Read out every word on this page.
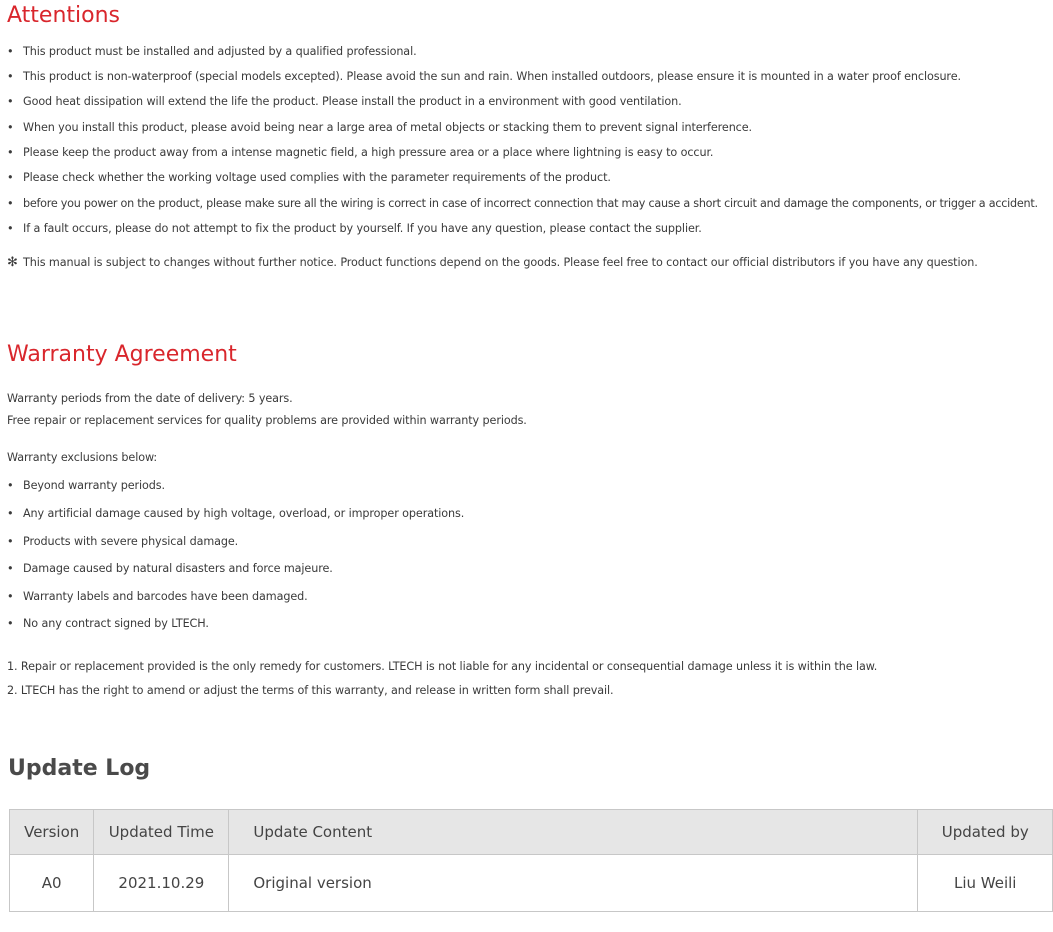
Attentions
• This product must be installed and adjusted by a qualified professional.
• This product is non-waterproof (special models excepted). Please avoid the sun and rain. When installed outdoors, please ensure it is mounted in a water proof enclosure.
• Good heat dissipation will extend the life the product. Please install the product in a environment with good ventilation.
• When you install this product, please avoid being near a large area of metal objects or stacking them to prevent signal interference.
• Please keep the product away from a intense magnetic field, a high pressure area or a place where lightning is easy to occur.
• Please check whether the working voltage used complies with the parameter requirements of the product.
• before you power on the product, please make sure all the wiring is correct in case of incorrect connection that may cause a short circuit and damage the components, or trigger a accident.
• If a fault occurs, please do not attempt to fix the product by yourself. If you have any question, please contact the supplier.
✻ This manual is subject to changes without further notice. Product functions depend on the goods. Please feel free to contact our official distributors if you have any question.
Warranty Agreement
Warranty periods from the date of delivery: 5 years.
Free repair or replacement services for quality problems are provided within warranty periods.
Warranty exclusions below:
• Beyond warranty periods.
• Any artificial damage caused by high voltage, overload, or improper operations.
• Products with severe physical damage.
• Damage caused by natural disasters and force majeure.
• Warranty labels and barcodes have been damaged.
• No any contract signed by LTECH.
1. Repair or replacement provided is the only remedy for customers. LTECH is not liable for any incidental or consequential damage unless it is within the law.
2. LTECH has the right to amend or adjust the terms of this warranty, and release in written form shall prevail.
Update Log
Version	Updated Time	Update Content	Updated by
A0	2021.10.29	Original version	Liu Weili
